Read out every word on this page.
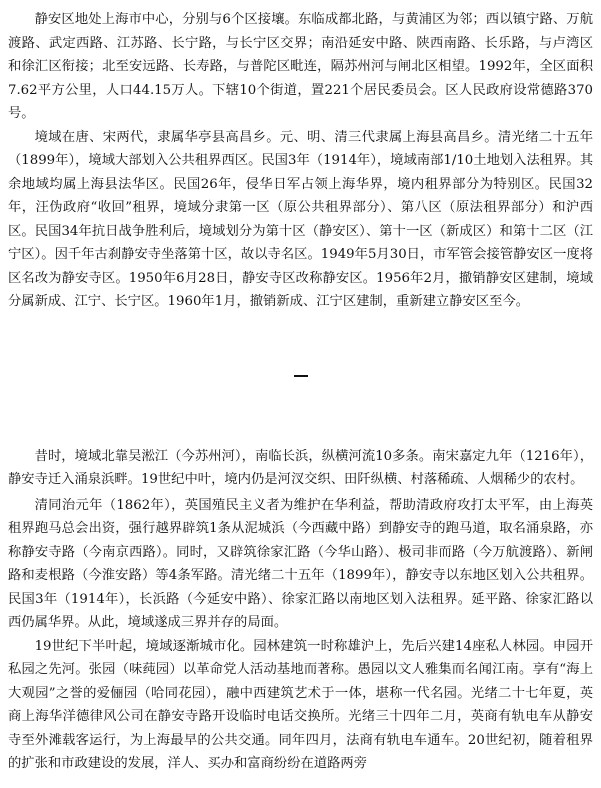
静安区地处上海市中心，分别与6个区接壤。东临成都北路，与黄浦区为邻；西以镇宁路、万航渡路、武定西路、江苏路、长宁路，与长宁区交界；南沿延安中路、陕西南路、长乐路，与卢湾区和徐汇区衔接；北至安远路、长寿路，与普陀区毗连，隔苏州河与闸北区相望。1992年，全区面积7.62平方公里，人口44.15万人。下辖10个街道，置221个居民委员会。区人民政府设常德路370号。

境域在唐、宋两代，隶属华亭县高昌乡。元、明、清三代隶属上海县高昌乡。清光绪二十五年（1899年），境域大部划入公共租界西区。民国3年（1914年），境域南部1/10土地划入法租界。其余地域均属上海县法华区。民国26年，侵华日军占领上海华界，境内租界部分为特别区。民国32年，汪伪政府“收回”租界，境域分隶第一区（原公共租界部分）、第八区（原法租界部分）和沪西区。民国34年抗日战争胜利后，境域划分为第十区（静安区）、第十一区（新成区）和第十二区（江宁区）。因千年古刹静安寺坐落第十区，故以寺名区。1949年5月30日，市军管会接管静安区一度将区名改为静安寺区。1950年6月28日，静安寺区改称静安区。1956年2月，撤销静安区建制，境域分属新成、江宁、长宁区。1960年1月，撤销新成、江宁区建制，重新建立静安区至今。

昔时，境域北靠吴淞江（今苏州河），南临长浜，纵横河流10多条。南宋嘉定九年（1216年），静安寺迁入涌泉浜畔。19世纪中叶，境内仍是河汊交织、田阡纵横、村落稀疏、人烟稀少的农村。

清同治元年（1862年），英国殖民主义者为维护在华利益，帮助清政府攻打太平军，由上海英租界跑马总会出资，强行越界辟筑1条从泥城浜（今西藏中路）到静安寺的跑马道，取名涌泉路，亦称静安寺路（今南京西路）。同时，又辟筑徐家汇路（今华山路）、极司非而路（今万航渡路）、新闸路和麦根路（今淮安路）等4条军路。清光绪二十五年（1899年），静安寺以东地区划入公共租界。民国3年（1914年），长浜路（今延安中路）、徐家汇路以南地区划入法租界。延平路、徐家汇路以西仍属华界。从此，境域遂成三界并存的局面。

19世纪下半叶起，境域逐渐城市化。园林建筑一时称雄沪上，先后兴建14座私人林园。申园开私园之先河。张园（味莼园）以革命党人活动基地而著称。愚园以文人雅集而名闻江南。享有“海上大观园”之誉的爱俪园（哈同花园），融中西建筑艺术于一体，堪称一代名园。光绪二十七年夏，英商上海华洋德律风公司在静安寺路开设临时电话交换所。光绪三十四年二月，英商有轨电车从静安寺至外滩载客运行，为上海最早的公共交通。同年四月，法商有轨电车通车。20世纪初，随着租界的扩张和市政建设的发展，洋人、买办和富商纷纷在道路两旁
